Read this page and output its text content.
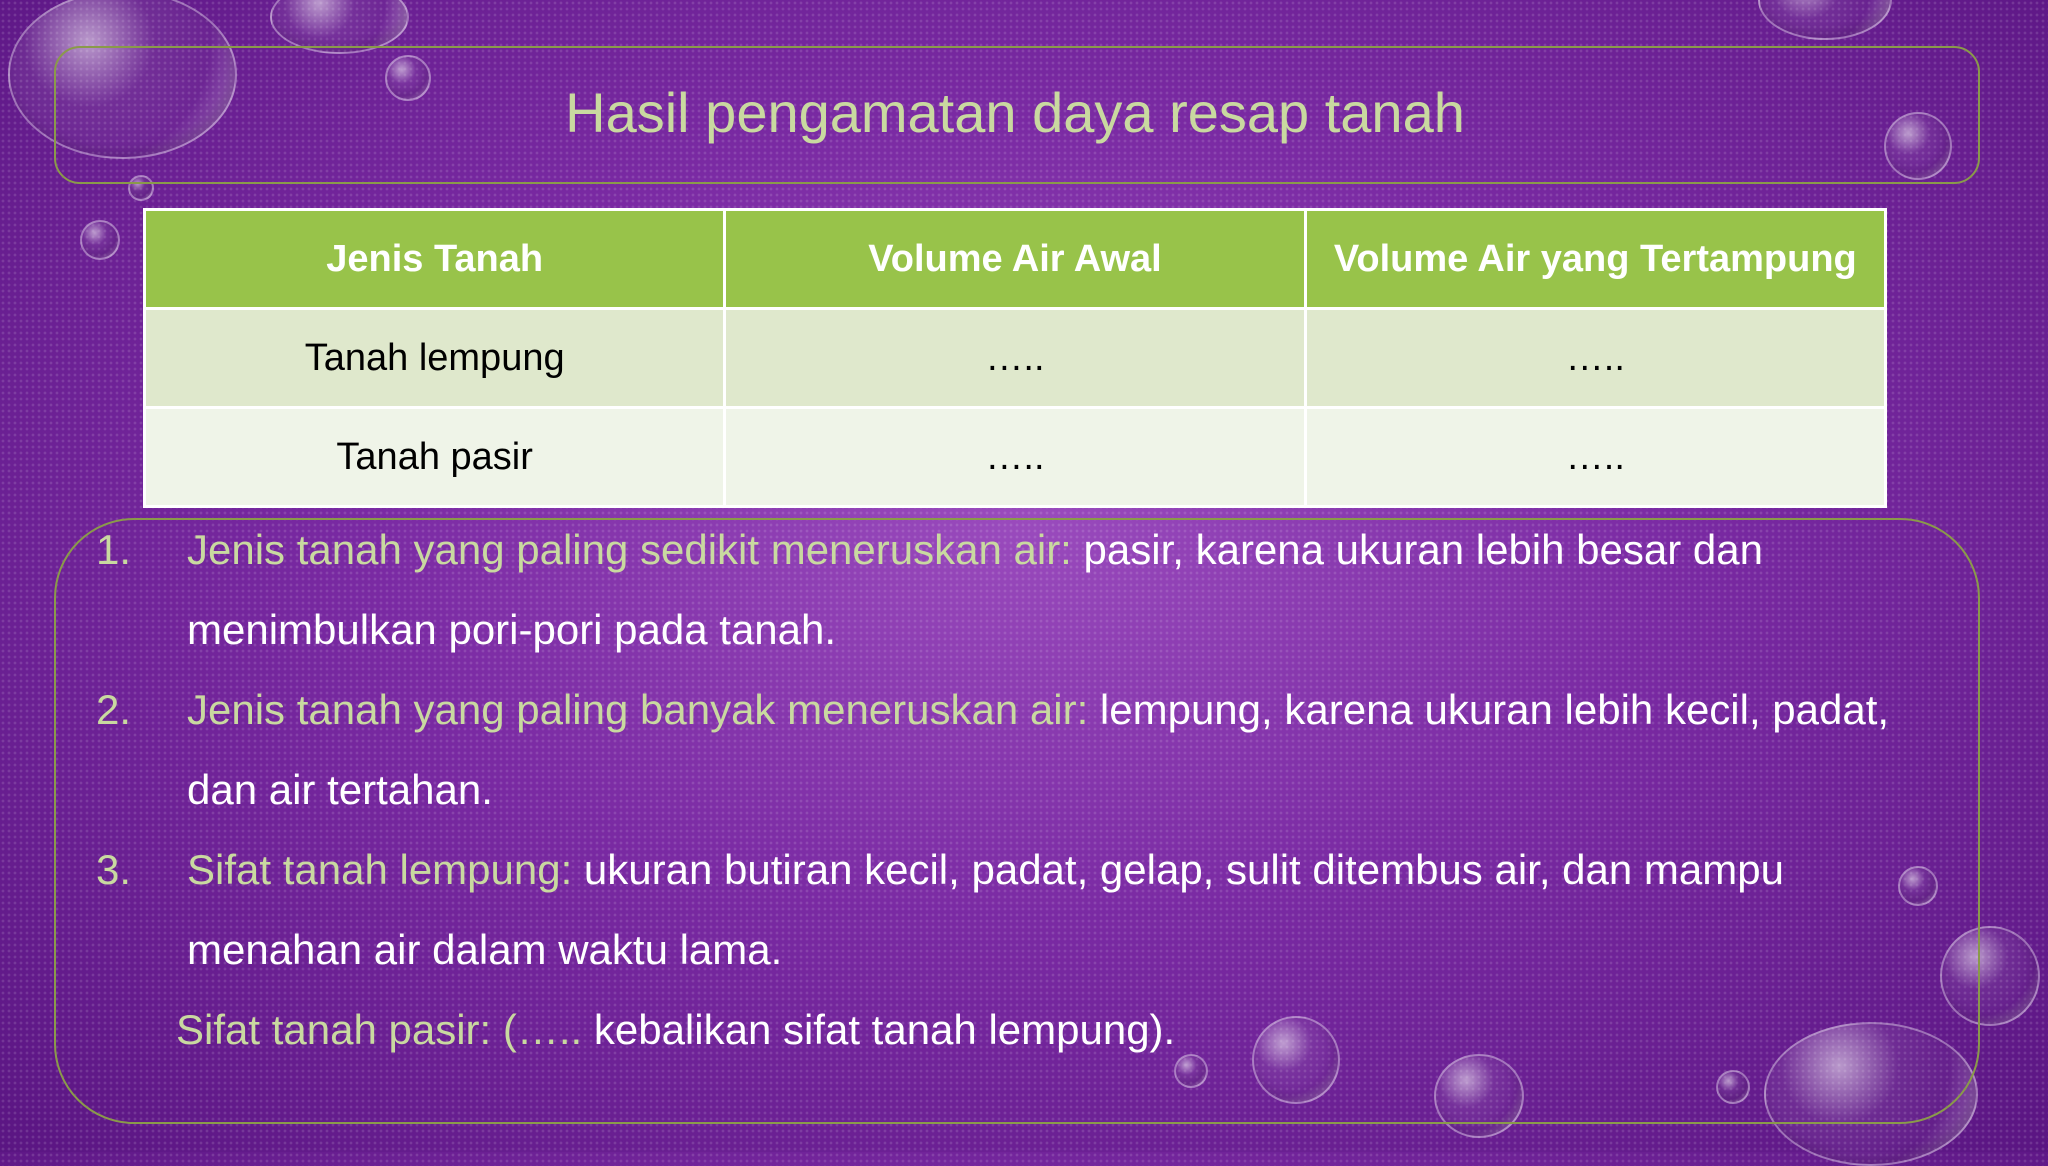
Hasil pengamatan daya resap tanah
Jenis Tanah	Volume Air Awal	Volume Air yang Tertampung
Tanah lempung	…..	…..
Tanah pasir	…..	…..
1. Jenis tanah yang paling sedikit meneruskan air: pasir, karena ukuran lebih besar dan menimbulkan pori-pori pada tanah.
2. Jenis tanah yang paling banyak meneruskan air: lempung, karena ukuran lebih kecil, padat, dan air tertahan.
3. Sifat tanah lempung: ukuran butiran kecil, padat, gelap, sulit ditembus air, dan mampu menahan air dalam waktu lama.
Sifat tanah pasir: (….. kebalikan sifat tanah lempung).
